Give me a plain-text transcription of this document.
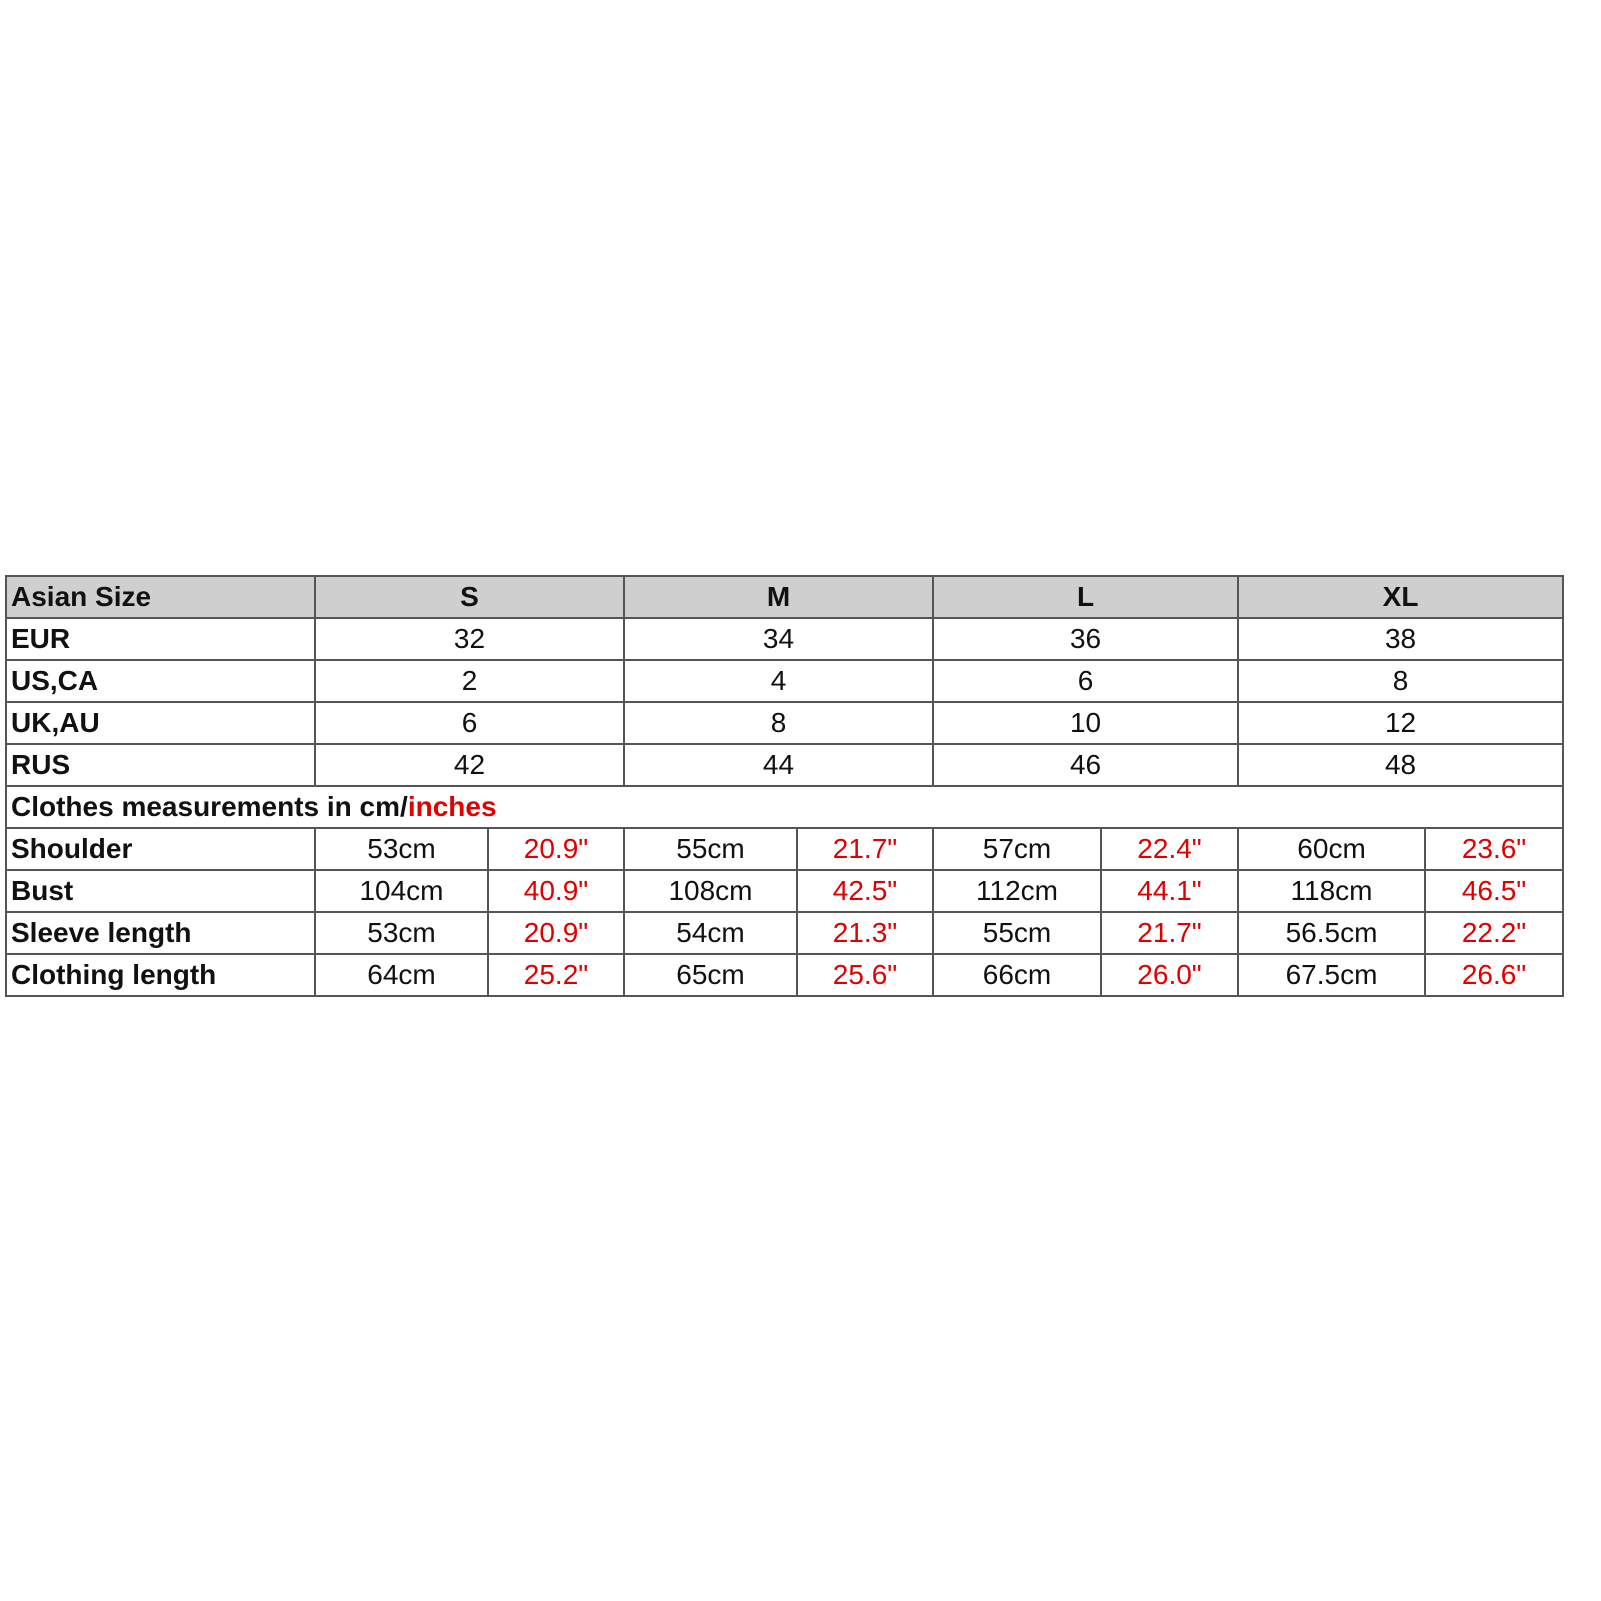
Asian Size	S		M		L		XL	
EUR	32		34		36		38	
US,CA	2		4		6		8	
UK,AU	6		8		10		12	
RUS	42		44		46		48	
Clothes measurements in cm/inches								
Shoulder	53cm	20.9"	55cm	21.7"	57cm	22.4"	60cm	23.6"
Bust	104cm	40.9"	108cm	42.5"	112cm	44.1"	118cm	46.5"
Sleeve length	53cm	20.9"	54cm	21.3"	55cm	21.7"	56.5cm	22.2"
Clothing length	64cm	25.2"	65cm	25.6"	66cm	26.0"	67.5cm	26.6"
